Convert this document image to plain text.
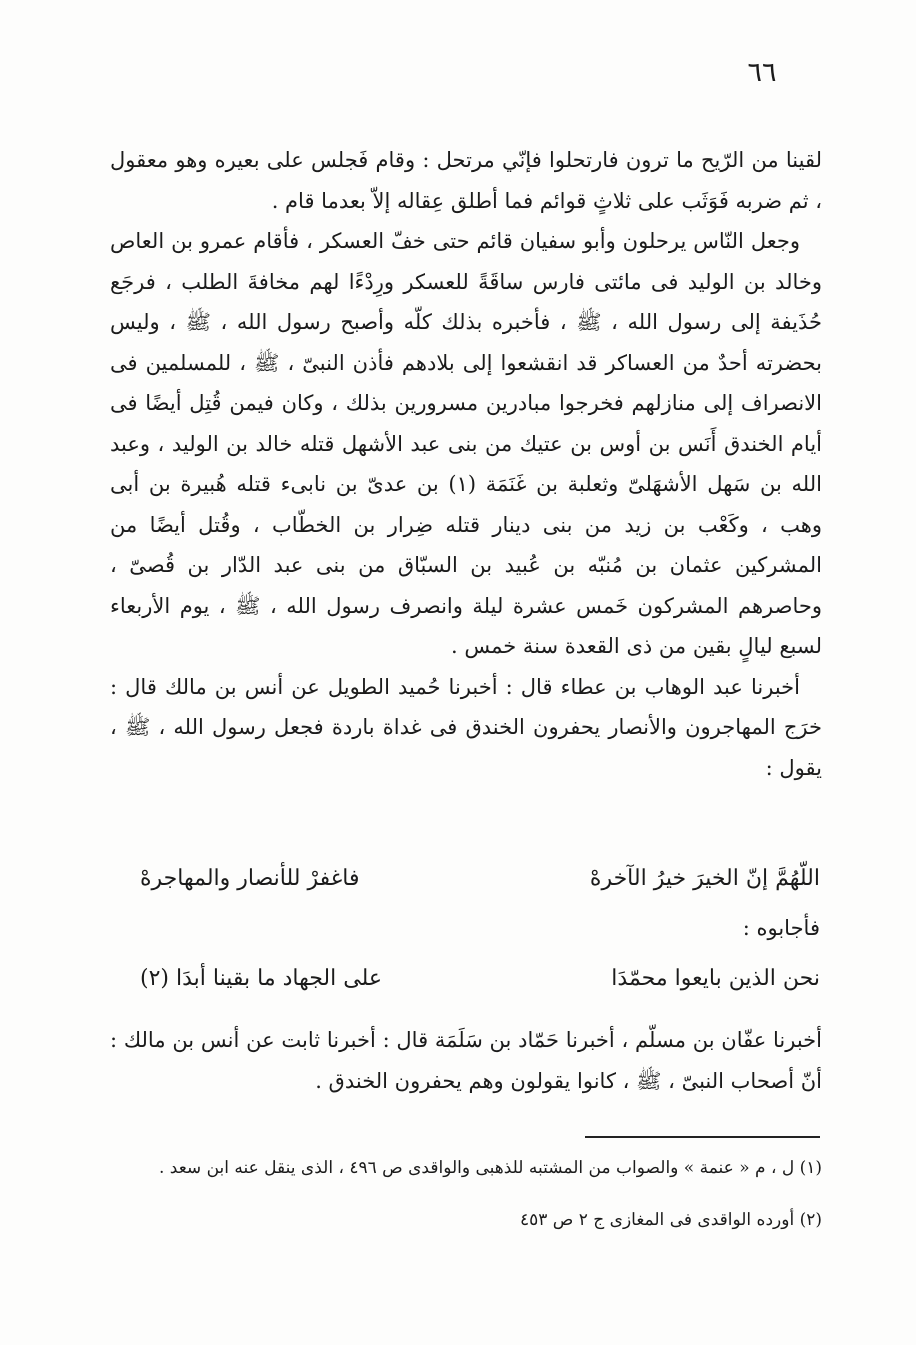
٦٦

لقينا من الرّيح ما ترون فارتحلوا فإنّي مرتحل : وقام فَجلس على بعيره وهو معقول ، ثم ضربه فَوَثَب على ثلاثٍ قوائم فما أطلق عِقاله إلاّ بعدما قام .

وجعل النّاس يرحلون وأبو سفيان قائم حتى خفّ العسكر ، فأقام عمرو بن العاص وخالد بن الوليد فى مائتى فارس ساقَةً للعسكر ورِدْءًا لهم مخافةَ الطلب ، فرجَع حُذَيفة إلى رسول الله ، ﷺ ، فأخبره بذلك كلّه وأصبح رسول الله ، ﷺ ، وليس بحضرته أحدٌ من العساكر قد انقشعوا إلى بلادهم فأذن النبىّ ، ﷺ ، للمسلمين فى الانصراف إلى منازلهم فخرجوا مبادرين مسرورين بذلك ، وكان فيمن قُتِل أيضًا فى أيام الخندق أَنَس بن أوس بن عتيك من بنى عبد الأشهل قتله خالد بن الوليد ، وعبد الله بن سَهل الأشهَلىّ وثعلبة بن غَنَمَة (١) بن عدىّ بن نابىء قتله هُبيرة بن أبى وهب ، وكَعْب بن زيد من بنى دينار قتله ضِرار بن الخطّاب ، وقُتل أيضًا من المشركين عثمان بن مُنبّه بن عُبيد بن السبّاق من بنى عبد الدّار بن قُصىّ ، وحاصرهم المشركون خَمس عشرة ليلة وانصرف رسول الله ، ﷺ ، يوم الأربعاء لسبع ليالٍ بقين من ذى القعدة سنة خمس .

أخبرنا عبد الوهاب بن عطاء قال : أخبرنا حُميد الطويل عن أنس بن مالك قال : خرَج المهاجرون والأنصار يحفرون الخندق فى غداة باردة فجعل رسول الله ، ﷺ ، يقول :

اللّهُمَّ إنّ الخيرَ خيرُ الآخرهْ
فاغفرْ للأنصار والمهاجرهْ
فأجابوه :
نحن الذين بايعوا محمّدَا
على الجهاد ما بقينا أبدَا (٢)

أخبرنا عفّان بن مسلّم ، أخبرنا حَمّاد بن سَلَمَة قال : أخبرنا ثابت عن أنس بن مالك : أنّ أصحاب النبىّ ، ﷺ ، كانوا يقولون وهم يحفرون الخندق .

(١) ل ، م « عنمة » والصواب من المشتبه للذهبى والواقدى ص ٤٩٦ ، الذى ينقل عنه ابن سعد .

(٢) أورده الواقدى فى المغازى ج ٢ ص ٤٥٣
